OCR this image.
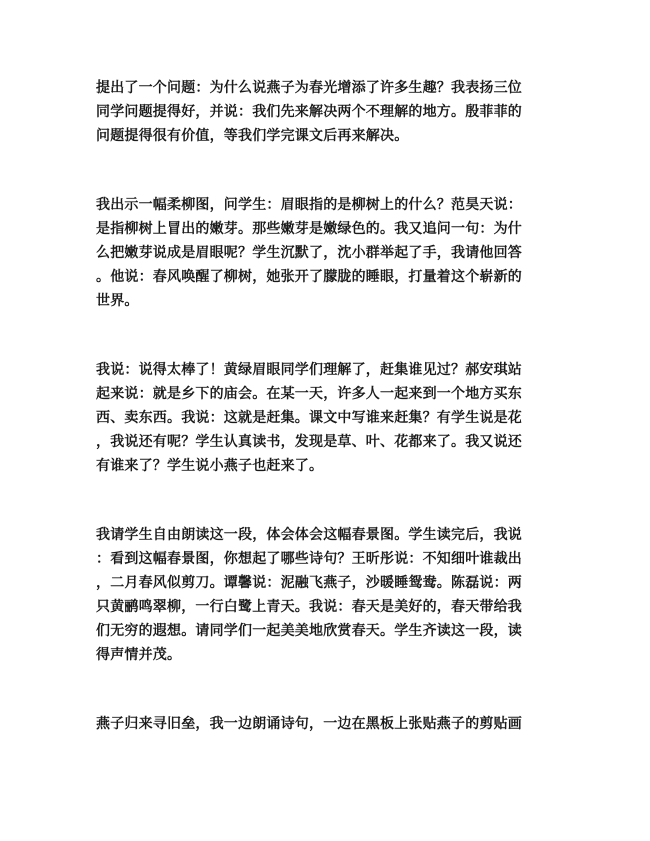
提出了一个问题：为什么说燕子为春光增添了许多生趣？我表扬三位
同学问题提得好，并说：我们先来解决两个不理解的地方。殷菲菲的
问题提得很有价值，等我们学完课文后再来解决。

我出示一幅柔柳图，问学生：眉眼指的是柳树上的什么？范昊天说：
是指柳树上冒出的嫩芽。那些嫩芽是嫩绿色的。我又追问一句：为什
么把嫩芽说成是眉眼呢？学生沉默了，沈小群举起了手，我请他回答
。他说：春风唤醒了柳树，她张开了朦胧的睡眼，打量着这个崭新的
世界。

我说：说得太棒了！黄绿眉眼同学们理解了，赶集谁见过？郝安琪站
起来说：就是乡下的庙会。在某一天，许多人一起来到一个地方买东
西、卖东西。我说：这就是赶集。课文中写谁来赶集？有学生说是花
，我说还有呢？学生认真读书，发现是草、叶、花都来了。我又说还
有谁来了？学生说小燕子也赶来了。

我请学生自由朗读这一段，体会体会这幅春景图。学生读完后，我说
：看到这幅春景图，你想起了哪些诗句？王昕彤说：不知细叶谁裁出
，二月春风似剪刀。谭馨说：泥融飞燕子，沙暖睡鸳鸯。陈磊说：两
只黄鹂鸣翠柳，一行白鹭上青天。我说：春天是美好的，春天带给我
们无穷的遐想。请同学们一起美美地欣赏春天。学生齐读这一段，读
得声情并茂。

燕子归来寻旧垒，我一边朗诵诗句，一边在黑板上张贴燕子的剪贴画
